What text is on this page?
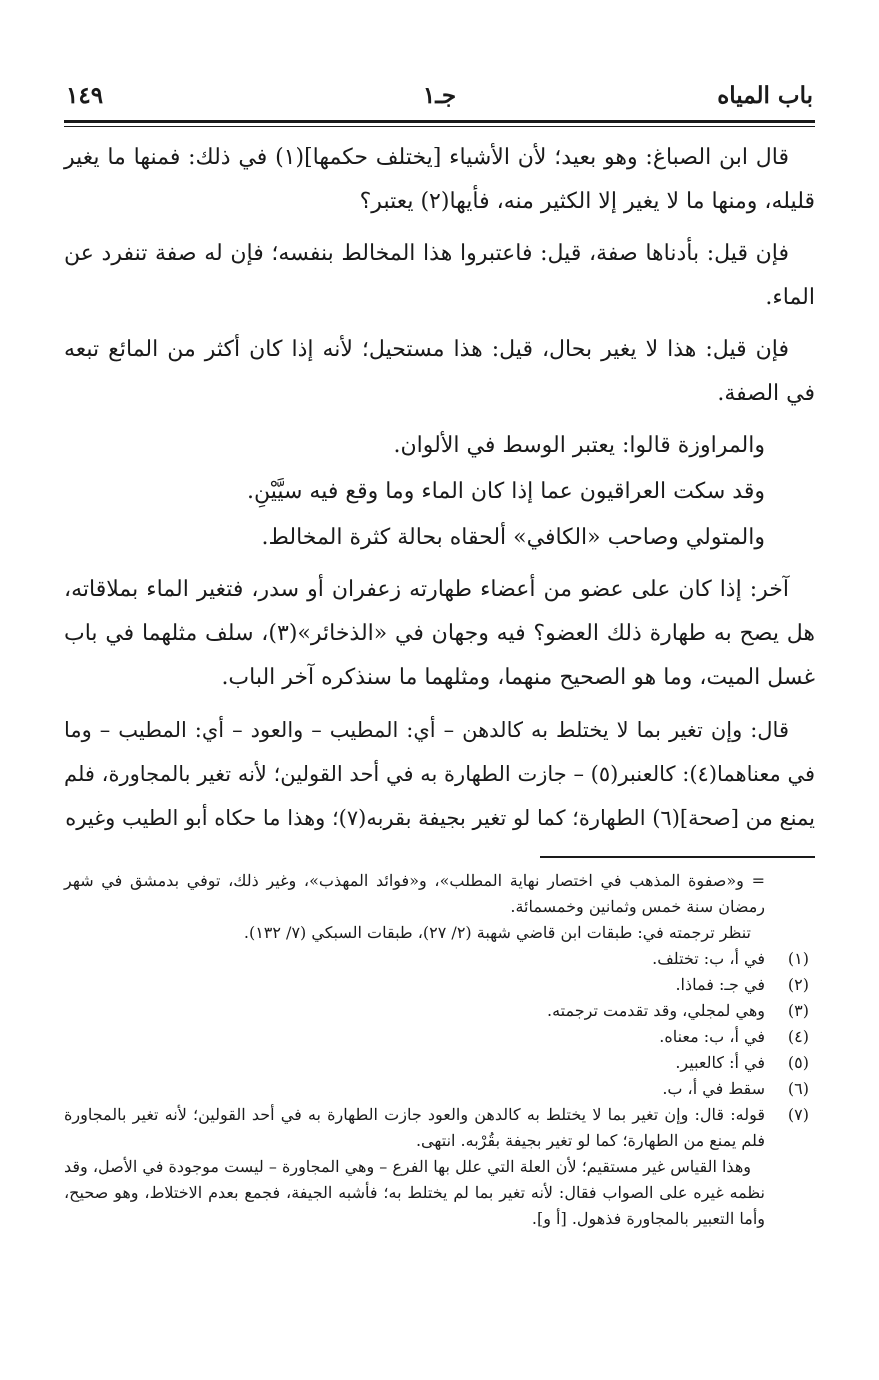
باب المياه
جـ١
١٤٩

قال ابن الصباغ: وهو بعيد؛ لأن الأشياء [يختلف حكمها](١) في ذلك: فمنها ما يغير قليله، ومنها ما لا يغير إلا الكثير منه، فأيها(٢) يعتبر؟

فإن قيل: بأدناها صفة، قيل: فاعتبروا هذا المخالط بنفسه؛ فإن له صفة تنفرد عن الماء.

فإن قيل: هذا لا يغير بحال، قيل: هذا مستحيل؛ لأنه إذا كان أكثر من المائع تبعه في الصفة.

والمراوزة قالوا: يعتبر الوسط في الألوان.

وقد سكت العراقيون عما إذا كان الماء وما وقع فيه سيَّيْنِ.

والمتولي وصاحب «الكافي» ألحقاه بحالة كثرة المخالط.

آخر: إذا كان على عضو من أعضاء طهارته زعفران أو سدر، فتغير الماء بملاقاته، هل يصح به طهارة ذلك العضو؟ فيه وجهان في «الذخائر»(٣)، سلف مثلهما في باب غسل الميت، وما هو الصحيح منهما، ومثلهما ما سنذكره آخر الباب.

قال: وإن تغير بما لا يختلط به كالدهن – أي: المطيب – والعود – أي: المطيب – وما في معناهما(٤): كالعنبر(٥) – جازت الطهارة به في أحد القولين؛ لأنه تغير بالمجاورة، فلم يمنع من [صحة](٦) الطهارة؛ كما لو تغير بجيفة بقربه(٧)؛ وهذا ما حكاه أبو الطيب وغيره

= و«صفوة المذهب في اختصار نهاية المطلب»، و«فوائد المهذب»، وغير ذلك، توفي بدمشق في شهر رمضان سنة خمس وثمانين وخمسمائة.

تنظر ترجمته في: طبقات ابن قاضي شهبة (٢/ ٢٧)، طبقات السبكي (٧/ ١٣٢).

(١)
في أ، ب: تختلف.

(٢)
في جـ: فماذا.

(٣)
وهي لمجلي، وقد تقدمت ترجمته.

(٤)
في أ، ب: معناه.

(٥)
في أ: كالعبير.

(٦)
سقط في أ، ب.

(٧)
قوله: قال: وإن تغير بما لا يختلط به كالدهن والعود جازت الطهارة به في أحد القولين؛ لأنه تغير بالمجاورة فلم يمنع من الطهارة؛ كما لو تغير بجيفة بقُرْبه. انتهى.

وهذا القياس غير مستقيم؛ لأن العلة التي علل بها الفرع – وهي المجاورة – ليست موجودة في الأصل، وقد نظمه غيره على الصواب فقال: لأنه تغير بما لم يختلط به؛ فأشبه الجيفة، فجمع بعدم الاختلاط، وهو صحيح، وأما التعبير بالمجاورة فذهول. [أ و].
